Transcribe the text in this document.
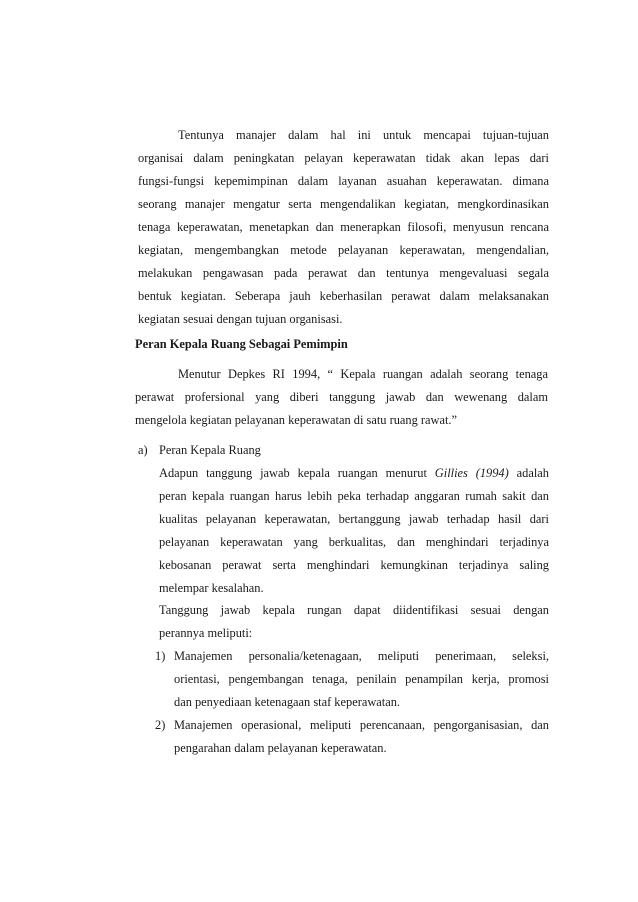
Tentunya manajer dalam hal ini untuk mencapai tujuan-tujuan
organisai dalam peningkatan pelayan keperawatan tidak akan lepas dari
fungsi-fungsi kepemimpinan dalam layanan asuahan keperawatan. dimana
seorang manajer mengatur serta mengendalikan kegiatan, mengkordinasikan
tenaga keperawatan, menetapkan dan menerapkan filosofi, menyusun rencana
kegiatan, mengembangkan metode pelayanan keperawatan, mengendalian,
melakukan pengawasan pada perawat dan tentunya mengevaluasi segala
bentuk kegiatan. Seberapa jauh keberhasilan perawat dalam melaksanakan
kegiatan sesuai dengan tujuan organisasi.
Peran Kepala Ruang Sebagai Pemimpin
Menutur Depkes RI 1994, “ Kepala ruangan adalah seorang tenaga
perawat profersional yang diberi tanggung jawab dan wewenang dalam
mengelola kegiatan pelayanan keperawatan di satu ruang rawat.”
a) Peran Kepala Ruang
Adapun tanggung jawab kepala ruangan menurut Gillies (1994) adalah
peran kepala ruangan harus lebih peka terhadap anggaran rumah sakit dan
kualitas pelayanan keperawatan, bertanggung jawab terhadap hasil dari
pelayanan keperawatan yang berkualitas, dan menghindari terjadinya
kebosanan perawat serta menghindari kemungkinan terjadinya saling
melempar kesalahan.
Tanggung jawab kepala rungan dapat diidentifikasi sesuai dengan
perannya meliputi:
1) Manajemen personalia/ketenagaan, meliputi penerimaan, seleksi,
orientasi, pengembangan tenaga, penilain penampilan kerja, promosi
dan penyediaan ketenagaan staf keperawatan.
2) Manajemen operasional, meliputi perencanaan, pengorganisasian, dan
pengarahan dalam pelayanan keperawatan.
